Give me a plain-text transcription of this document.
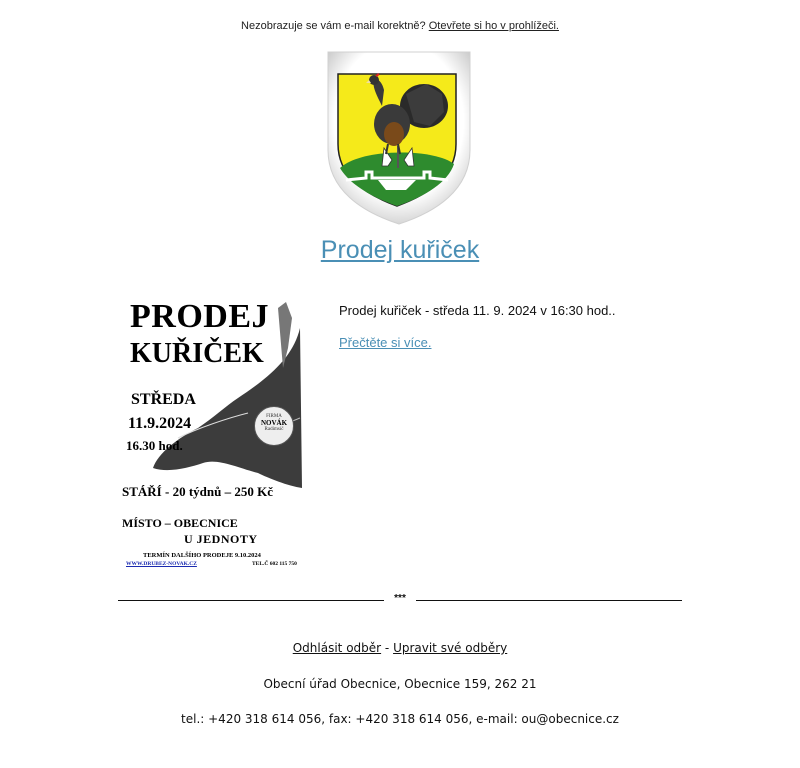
Nezobrazuje se vám e-mail korektně? Otevřete si ho v prohlížeči.
Prodej kuřiček
PRODEJ
KUŘIČEK
STŘEDA
11.9.2024
16.30 hod.
FIRMA
NOVÁK
Radimsič
STÁŘÍ - 20 týdnů – 250 Kč
MÍSTO – OBECNICE
U JEDNOTY
TERMÍN DALŠÍHO PRODEJE 9.10.2024
WWW.DRUBEZ-NOVAK.CZ	TEL.Č 602 115 750
Prodej kuřiček - středa 11. 9. 2024 v 16:30 hod..
Přečtěte si více.
***
Odhlásit odběr - Upravit své odběry
Obecní úřad Obecnice, Obecnice 159, 262 21
tel.: +420 318 614 056, fax: +420 318 614 056, e-mail: ou@obecnice.cz
